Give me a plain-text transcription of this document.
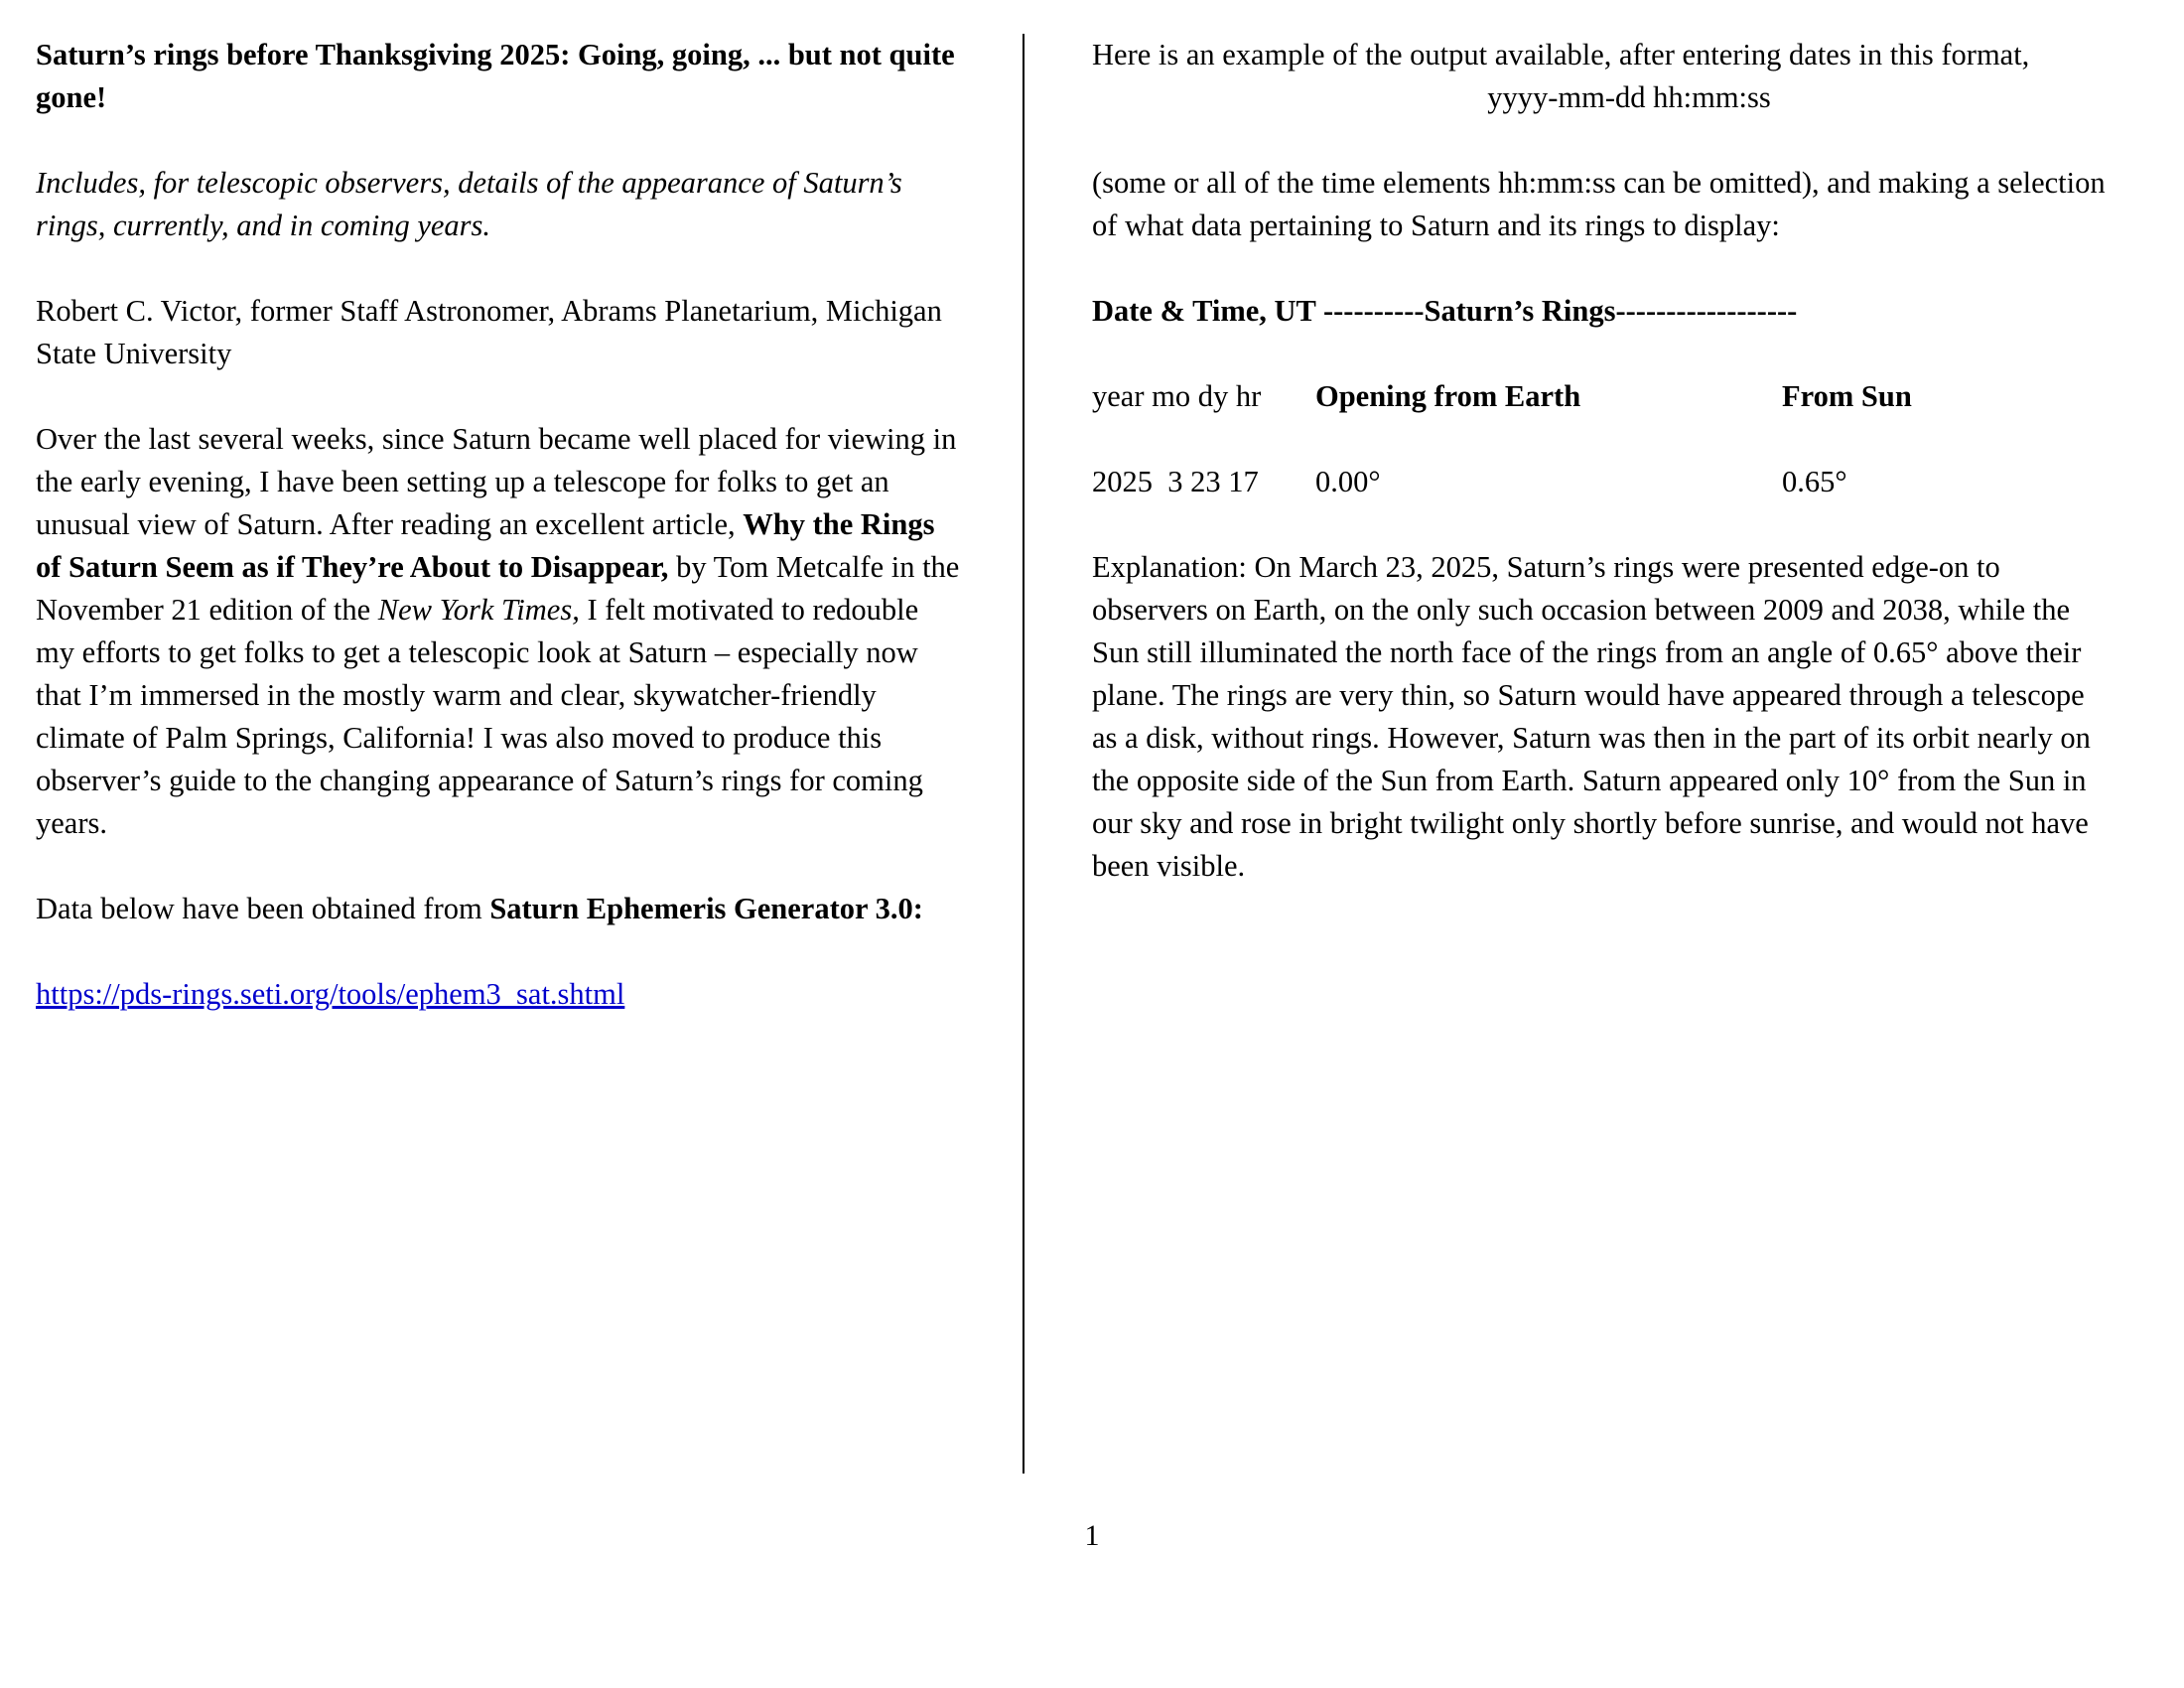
Saturn’s rings before Thanksgiving 2025: Going, going, ... but not quite gone!

Includes, for telescopic observers, details of the appearance of Saturn’s rings, currently, and in coming years.

Robert C. Victor, former Staff Astronomer, Abrams Planetarium, Michigan State University

Over the last several weeks, since Saturn became well placed for viewing in the early evening, I have been setting up a telescope for folks to get an unusual view of Saturn. After reading an excellent article, Why the Rings of Saturn Seem as if They’re About to Disappear, by Tom Metcalfe in the November 21 edition of the New York Times, I felt motivated to redouble my efforts to get folks to get a telescopic look at Saturn – especially now that I’m immersed in the mostly warm and clear, skywatcher-friendly climate of Palm Springs, California! I was also moved to produce this observer’s guide to the changing appearance of Saturn’s rings for coming years.

Data below have been obtained from Saturn Ephemeris Generator 3.0:

https://pds-rings.seti.org/tools/ephem3_sat.shtml

Here is an example of the output available, after entering dates in this format,

yyyy-mm-dd hh:mm:ss

(some or all of the time elements hh:mm:ss can be omitted), and making a selection of what data pertaining to Saturn and its rings to display:

Date & Time, UT ----------Saturn’s Rings------------------

year mo dy hr Opening from Earth	From Sun
2025  3 23 17 0.00°	0.65°

Explanation: On March 23, 2025, Saturn’s rings were presented edge-on to observers on Earth, on the only such occasion between 2009 and 2038, while the Sun still illuminated the north face of the rings from an angle of 0.65° above their plane. The rings are very thin, so Saturn would have appeared through a telescope as a disk, without rings. However, Saturn was then in the part of its orbit nearly on the opposite side of the Sun from Earth. Saturn appeared only 10° from the Sun in our sky and rose in bright twilight only shortly before sunrise, and would not have been visible.

1
